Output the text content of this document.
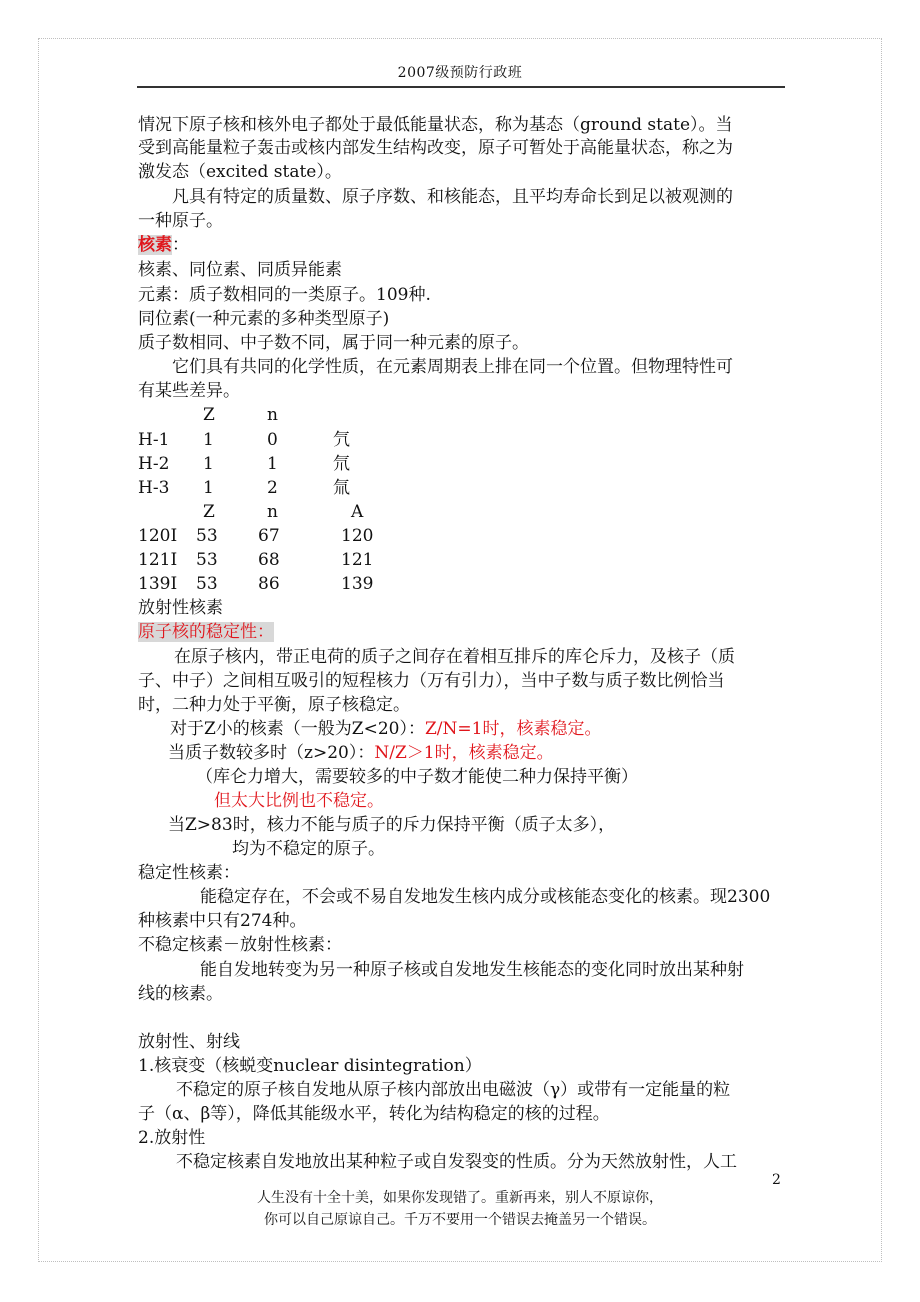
2007级预防行政班
情况下原子核和核外电子都处于最低能量状态，称为基态（ground state）。当
受到高能量粒子轰击或核内部发生结构改变，原子可暂处于高能量状态，称之为
激发态（excited state）。
凡具有特定的质量数、原子序数、和核能态，且平均寿命长到足以被观测的
一种原子。
核素：
核素、同位素、同质异能素
元素：质子数相同的一类原子。109种.
同位素(一种元素的多种类型原子)
质子数相同、中子数不同，属于同一种元素的原子。
它们具有共同的化学性质，在元素周期表上排在同一个位置。但物理特性可
有某些差异。
Z	n
H-1 1	0	氕
H-2 1	1	氘
H-3 1	2	氚
Z	n	A
120I 53 67	120
121I 53 68	121
139I 53 86	139
放射性核素
原子核的稳定性：
在原子核内，带正电荷的质子之间存在着相互排斥的库仑斥力，及核子（质
子、中子）之间相互吸引的短程核力（万有引力），当中子数与质子数比例恰当
时，二种力处于平衡，原子核稳定。
对于Z小的核素（一般为Z<20）：Z/N=1时，核素稳定。
当质子数较多时（z>20）：N/Z＞1时，核素稳定。
（库仑力增大，需要较多的中子数才能使二种力保持平衡）
但太大比例也不稳定。
当Z>83时，核力不能与质子的斥力保持平衡（质子太多），
均为不稳定的原子。
稳定性核素：
能稳定存在，不会或不易自发地发生核内成分或核能态变化的核素。现2300
种核素中只有274种。
不稳定核素－放射性核素：
能自发地转变为另一种原子核或自发地发生核能态的变化同时放出某种射
线的核素。
放射性、射线
1.核衰变（核蜕变nuclear disintegration）
不稳定的原子核自发地从原子核内部放出电磁波（γ）或带有一定能量的粒
子（α、β等），降低其能级水平，转化为结构稳定的核的过程。
2.放射性
不稳定核素自发地放出某种粒子或自发裂变的性质。分为天然放射性，人工
2
人生没有十全十美，如果你发现错了。重新再来，别人不原谅你，
你可以自己原谅自己。千万不要用一个错误去掩盖另一个错误。
